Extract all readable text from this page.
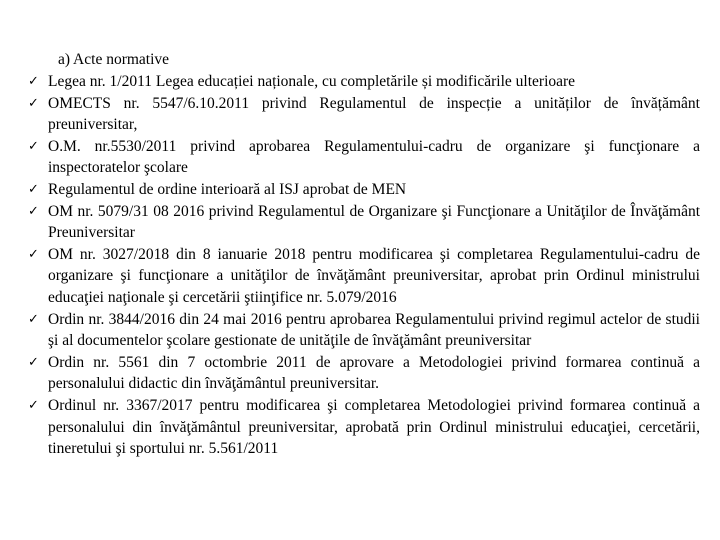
a) Acte normative
✓ Legea nr. 1/2011 Legea educației naționale, cu completările și modificările ulterioare
✓ OMECTS nr. 5547/6.10.2011 privind Regulamentul de inspecție a unităților de învățământ preuniversitar,
✓ O.M. nr.5530/2011 privind aprobarea Regulamentului-cadru de organizare şi funcţionare a inspectoratelor şcolare
✓ Regulamentul de ordine interioară al ISJ aprobat de MEN
✓ OM nr. 5079/31 08 2016 privind Regulamentul de Organizare şi Funcţionare a Unităţilor de Învăţământ Preuniversitar
✓ OM nr. 3027/2018 din 8 ianuarie 2018 pentru modificarea şi completarea Regulamentului-cadru de organizare şi funcţionare a unităţilor de învăţământ preuniversitar, aprobat prin Ordinul ministrului educaţiei naţionale şi cercetării ştiinţifice nr. 5.079/2016
✓ Ordin nr. 3844/2016 din 24 mai 2016 pentru aprobarea Regulamentului privind regimul actelor de studii şi al documentelor şcolare gestionate de unităţile de învăţământ preuniversitar
✓ Ordin nr. 5561 din 7 octombrie 2011 de aprovare a Metodologiei privind formarea continuă a personalului didactic din învăţământul preuniversitar.
✓ Ordinul nr. 3367/2017 pentru modificarea şi completarea Metodologiei privind formarea continuă a personalului din învăţământul preuniversitar, aprobată prin Ordinul ministrului educaţiei, cercetării, tineretului şi sportului nr. 5.561/2011
